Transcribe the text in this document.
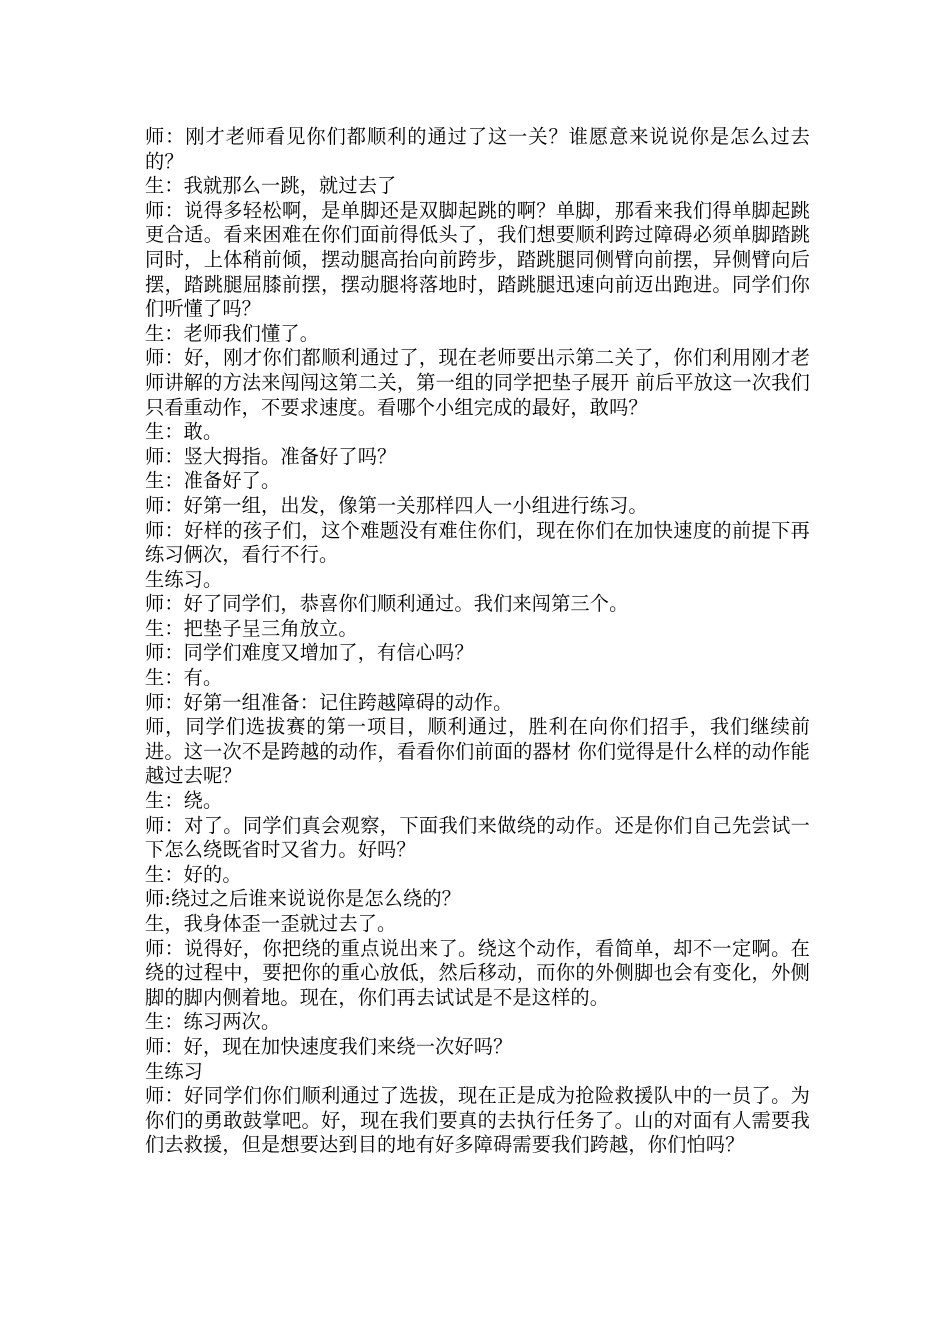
师：刚才老师看见你们都顺利的通过了这一关？谁愿意来说说你是怎么过去的？

生：我就那么一跳，就过去了

师：说得多轻松啊，是单脚还是双脚起跳的啊？单脚，那看来我们得单脚起跳更合适。看来困难在你们面前得低头了，我们想要顺利跨过障碍必须单脚踏跳同时，上体稍前倾，摆动腿高抬向前跨步，踏跳腿同侧臂向前摆，异侧臂向后摆，踏跳腿屈膝前摆，摆动腿将落地时，踏跳腿迅速向前迈出跑进。同学们你们听懂了吗？

生：老师我们懂了。

师：好，刚才你们都顺利通过了，现在老师要出示第二关了，你们利用刚才老师讲解的方法来闯闯这第二关，第一组的同学把垫子展开 前后平放这一次我们只看重动作，不要求速度。看哪个小组完成的最好，敢吗？

生：敢。

师：竖大拇指。准备好了吗？

生：准备好了。

师：好第一组，出发，像第一关那样四人一小组进行练习。

师：好样的孩子们，这个难题没有难住你们，现在你们在加快速度的前提下再练习俩次，看行不行。

生练习。

师：好了同学们，恭喜你们顺利通过。我们来闯第三个。

生：把垫子呈三角放立。

师：同学们难度又增加了，有信心吗？

生：有。

师：好第一组准备：记住跨越障碍的动作。

师，同学们选拔赛的第一项目，顺利通过，胜利在向你们招手，我们继续前进。这一次不是跨越的动作，看看你们前面的器材 你们觉得是什么样的动作能越过去呢？

生：绕。

师：对了。同学们真会观察，下面我们来做绕的动作。还是你们自己先尝试一下怎么绕既省时又省力。好吗？

生：好的。

师:绕过之后谁来说说你是怎么绕的？

生，我身体歪一歪就过去了。

师：说得好，你把绕的重点说出来了。绕这个动作，看简单，却不一定啊。在绕的过程中，要把你的重心放低，然后移动，而你的外侧脚也会有变化，外侧脚的脚内侧着地。现在，你们再去试试是不是这样的。

生：练习两次。

师：好，现在加快速度我们来绕一次好吗？

生练习

师：好同学们你们顺利通过了选拔，现在正是成为抢险救援队中的一员了。为你们的勇敢鼓掌吧。好，现在我们要真的去执行任务了。山的对面有人需要我们去救援，但是想要达到目的地有好多障碍需要我们跨越，你们怕吗？
